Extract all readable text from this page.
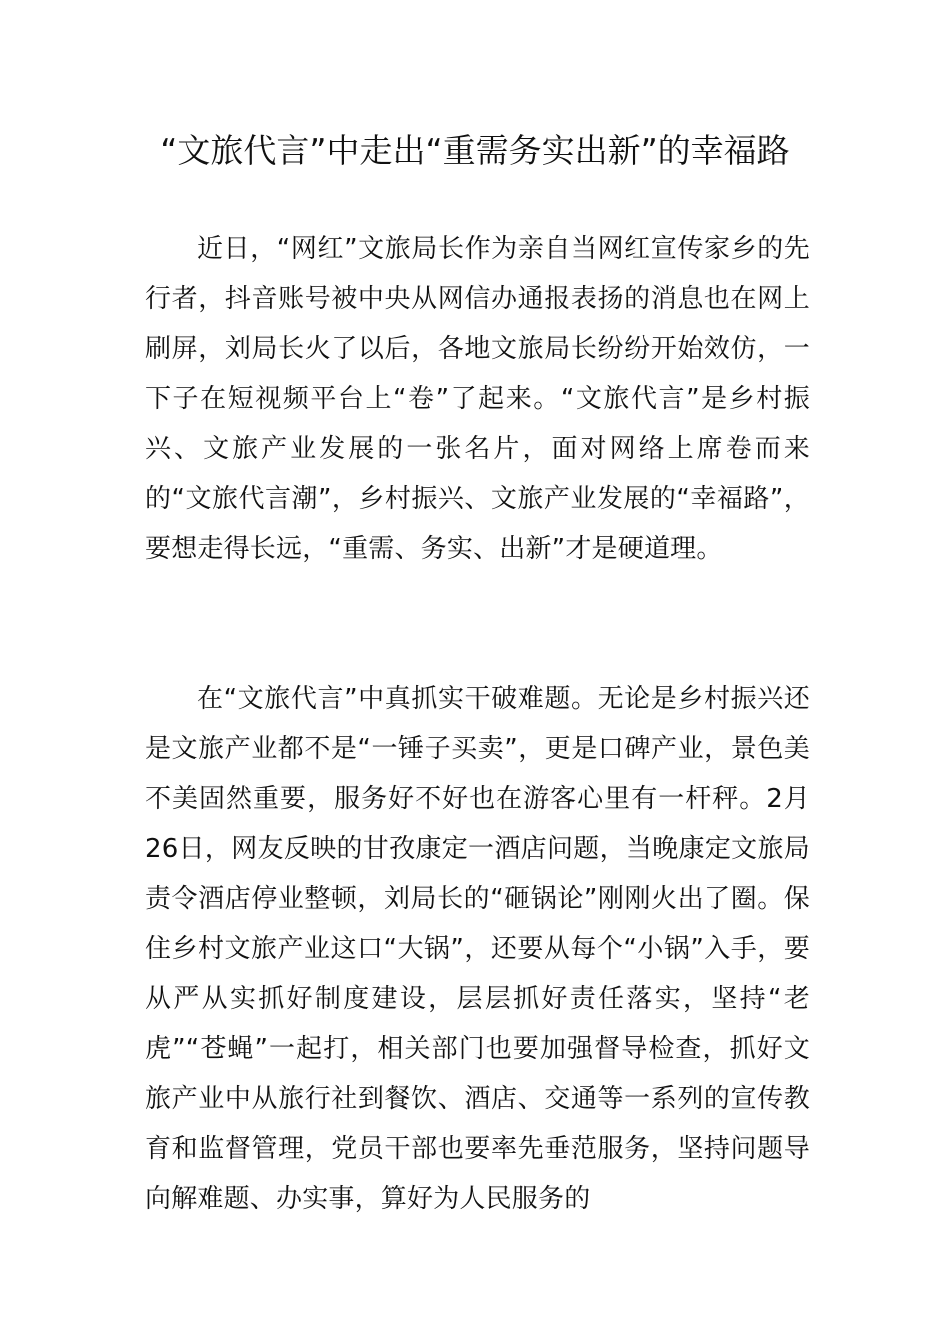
“文旅代言”中走出“重需务实出新”的幸福路

近日，“网红”文旅局长作为亲自当网红宣传家乡的先行者，抖音账号被中央从网信办通报表扬的消息也在网上刷屏，刘局长火了以后，各地文旅局长纷纷开始效仿，一下子在短视频平台上“卷”了起来。“文旅代言”是乡村振兴、文旅产业发展的一张名片，面对网络上席卷而来的“文旅代言潮”，乡村振兴、文旅产业发展的“幸福路”，要想走得长远，“重需、务实、出新”才是硬道理。

在“文旅代言”中真抓实干破难题。无论是乡村振兴还是文旅产业都不是“一锤子买卖”，更是口碑产业，景色美不美固然重要，服务好不好也在游客心里有一杆秤。2月26日，网友反映的甘孜康定一酒店问题，当晚康定文旅局责令酒店停业整顿，刘局长的“砸锅论”刚刚火出了圈。保住乡村文旅产业这口“大锅”，还要从每个“小锅”入手，要从严从实抓好制度建设，层层抓好责任落实，坚持“老虎”“苍蝇”一起打，相关部门也要加强督导检查，抓好文旅产业中从旅行社到餐饮、酒店、交通等一系列的宣传教育和监督管理，党员干部也要率先垂范服务，坚持问题导向解难题、办实事，算好为人民服务的
